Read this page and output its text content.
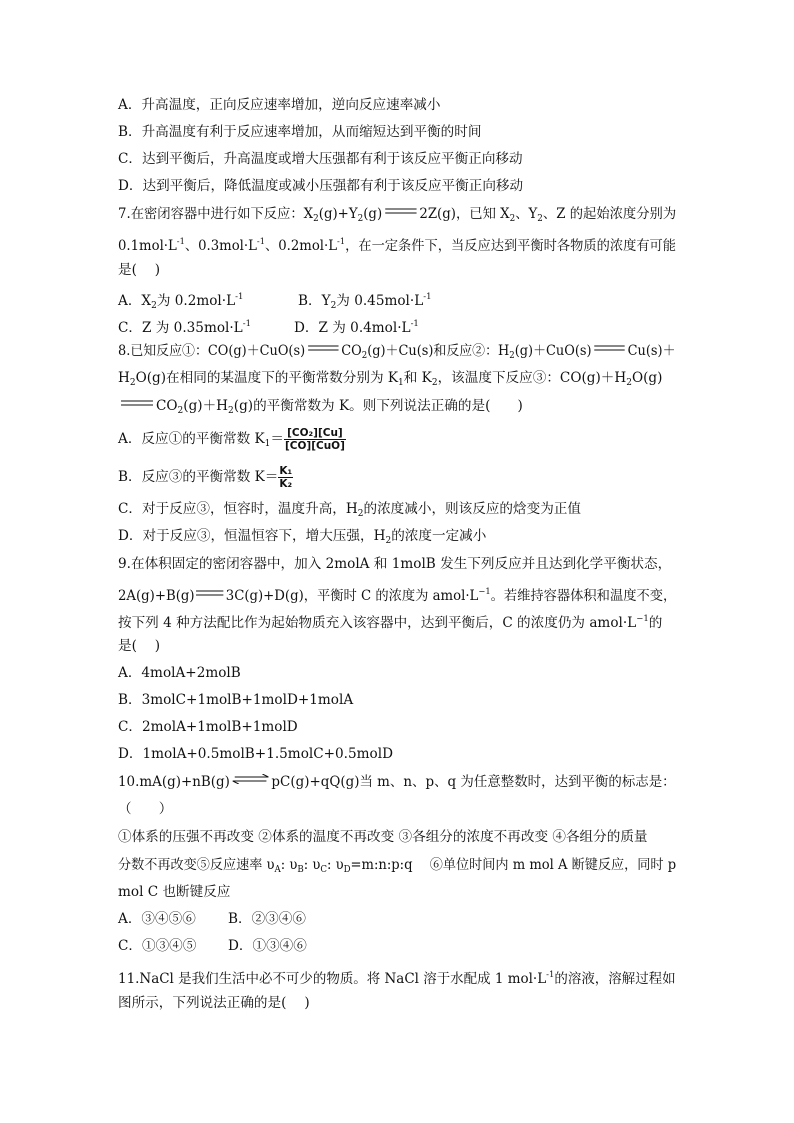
A．升高温度，正向反应速率增加，逆向反应速率减小
B．升高温度有利于反应速率增加，从而缩短达到平衡的时间
C．达到平衡后，升高温度或增大压强都有利于该反应平衡正向移动
D．达到平衡后，降低温度或减小压强都有利于该反应平衡正向移动
7.在密闭容器中进行如下反应：$X_2(g)+Y_2(g)$	2Z(g)，已知 $X_2$、$Y_2$、Z 的起始浓度分别为
$0.1mol\cdot L^{-1}$、$0.3mol\cdot L^{-1}$、$0.2mol\cdot L^{-1}$，在一定条件下，当反应达到平衡时各物质的浓度有可能
是(　 )
A．$X_2$为 $0.2mol\cdot L^{-1}$	B．$Y_2$为 $0.45mol\cdot L^{-1}$
C．Z 为 $0.35mol\cdot L^{-1}$	D．Z 为 $0.4mol\cdot L^{-1}$
8.已知反应①：CO(g)＋CuO(s)	$CO_2(g)+Cu(s)$和反应②：$H_2(g)+CuO(s)$	Cu(s)＋
$H_2O(g)$在相同的某温度下的平衡常数分别为 $K_1$和 $K_2$，该温度下反应③：$CO(g)+H_2O(g)$
$CO_2(g)+H_2(g)$的平衡常数为 K。则下列说法正确的是(　　)
A．反应①的平衡常数 $K_1= \frac{\text{[CO₂][Cu]}}{\text{[CO][CuO]}}$
B．反应③的平衡常数 $K= \frac{\text{K₁}}{\text{K₂}}$
C．对于反应③，恒容时，温度升高，$H_2$的浓度减小，则该反应的焓变为正值
D．对于反应③，恒温恒容下，增大压强，$H_2$的浓度一定减小
9.在体积固定的密闭容器中，加入 2molA 和 1molB 发生下列反应并且达到化学平衡状态，
2A(g)+B(g) 3C(g)+D(g)，平衡时 C 的浓度为 $amol\cdot L^{-1}$。若维持容器体积和温度不变，
按下列 4 种方法配比作为起始物质充入该容器中，达到平衡后，C 的浓度仍为 $amol\cdot L^{-1}$的
是(　 )
A．4molA+2molB
B．3molC+1molB+1molD+1molA
C．2molA+1molB+1molD
D．1molA+0.5molB+1.5molC+0.5molD
10.mA(g)+nB(g)⇌pC(g)+qQ(g)当 m、n、p、q 为任意整数时，达到平衡的标志是：
（　　）
①体系的压强不再改变 ②体系的温度不再改变 ③各组分的浓度不再改变 ④各组分的质量
分数不再改变⑤反应速率 $\upsilon_A$: $\upsilon_B$: $\upsilon_C$: $\upsilon_D=m:n:p:q$　 ⑥单位时间内 m mol A 断键反应，同时 p
mol C 也断键反应
A．③④⑤⑥ B．②③④⑥
C．①③④⑤ D．①③④⑥
11.NaCl 是我们生活中必不可少的物质。将 NaCl 溶于水配成 1 $mol\cdot L^{-1}$的溶液，溶解过程如
图所示，下列说法正确的是(　 )
